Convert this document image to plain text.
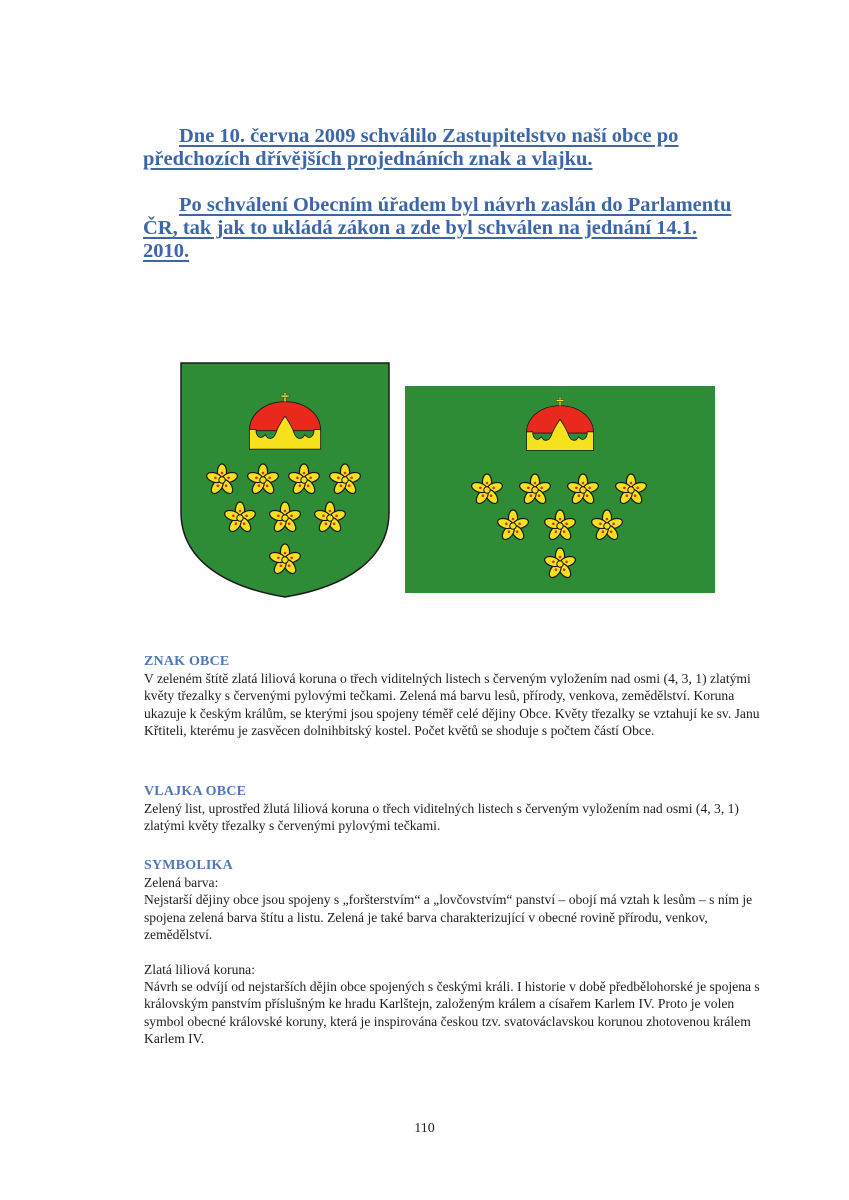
Dne 10. června 2009 schválilo Zastupitelstvo naší obce po předchozích dřívějších projednáních znak a vlajku.

Po schválení Obecním úřadem byl návrh zaslán do Parlamentu ČR, tak jak to ukládá zákon a zde byl schválen na jednání 14.1. 2010.

ZNAK OBCE

V zeleném štítě zlatá liliová koruna o třech viditelných listech s červeným vyložením nad osmi (4, 3, 1) zlatými květy třezalky s červenými pylovými tečkami. Zelená má barvu lesů, přírody, venkova, zemědělství. Koruna ukazuje k českým králům, se kterými jsou spojeny téměř celé dějiny Obce. Květy třezalky se vztahují ke sv. Janu Křtiteli, kterému je zasvěcen dolnihbitský kostel. Počet květů se shoduje s počtem částí Obce.

VLAJKA OBCE

Zelený list, uprostřed žlutá liliová koruna o třech viditelných listech s červeným vyložením nad osmi (4, 3, 1) zlatými květy třezalky s červenými pylovými tečkami.

SYMBOLIKA

Zelená barva:

Nejstarší dějiny obce jsou spojeny s „foršterstvím“ a „lovčovstvím“ panství – obojí má vztah k lesům – s ním je spojena zelená barva štítu a listu. Zelená je také barva charakterizující v obecné rovině přírodu, venkov, zemědělství.

Zlatá liliová koruna:

Návrh se odvíjí od nejstarších dějin obce spojených s českými králi. I historie v době předbělohorské je spojena s královským panstvím příslušným ke hradu Karlštejn, založeným králem a císařem Karlem IV. Proto je volen symbol obecné královské koruny, která je inspirována českou tzv. svatováclavskou korunou zhotovenou králem Karlem IV.

110
